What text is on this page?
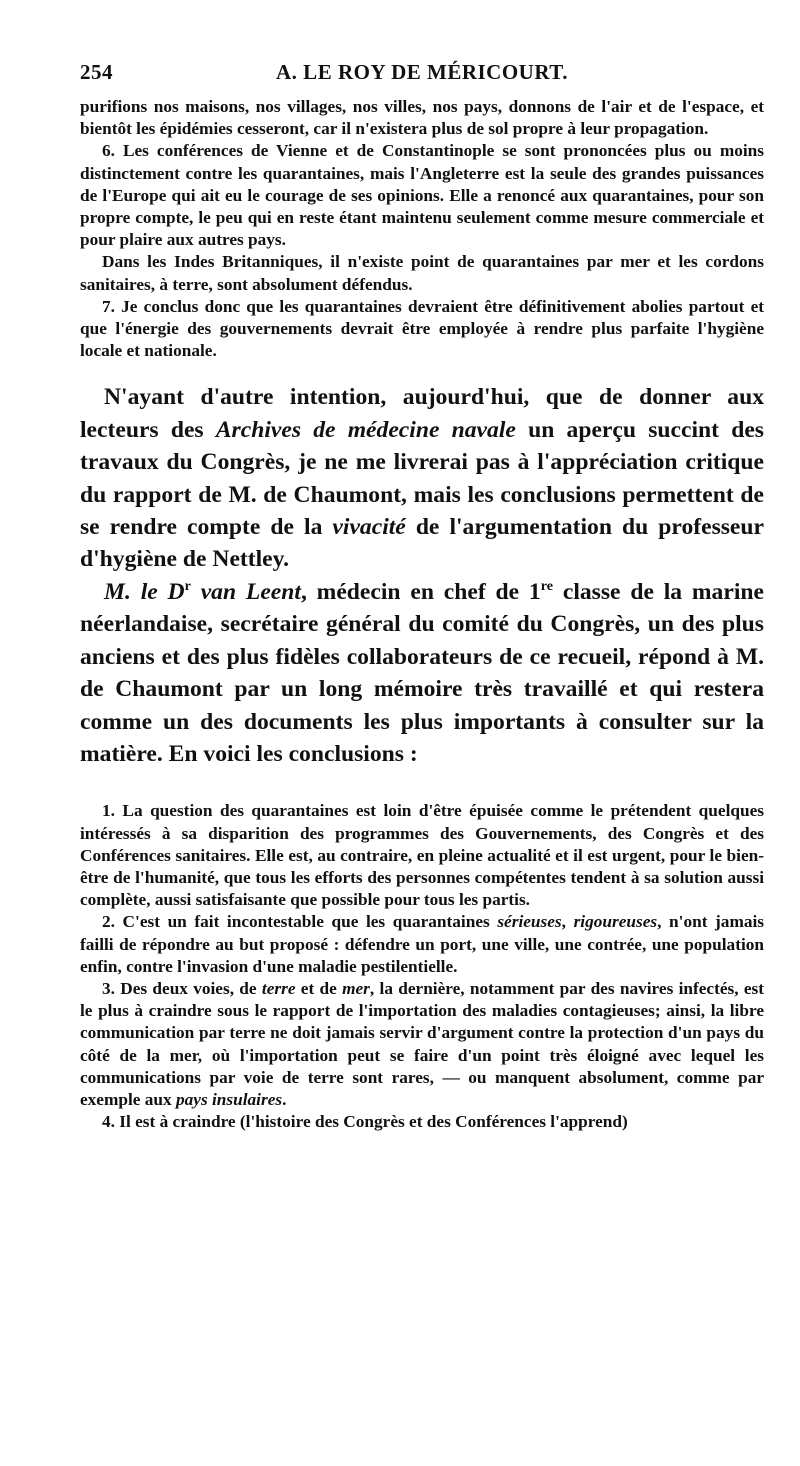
254	A. LE ROY DE MÉRICOURT.

purifions nos maisons, nos villages, nos villes, nos pays, donnons de l'air et de l'espace, et bientôt les épidémies cesseront, car il n'existera plus de sol propre à leur propagation.

6. Les conférences de Vienne et de Constantinople se sont prononcées plus ou moins distinctement contre les quarantaines, mais l'Angleterre est la seule des grandes puissances de l'Europe qui ait eu le courage de ses opinions. Elle a renoncé aux quarantaines, pour son propre compte, le peu qui en reste étant maintenu seulement comme mesure commerciale et pour plaire aux autres pays.

Dans les Indes Britanniques, il n'existe point de quarantaines par mer et les cordons sanitaires, à terre, sont absolument défendus.

7. Je conclus donc que les quarantaines devraient être définitivement abolies partout et que l'énergie des gouvernements devrait être employée à rendre plus parfaite l'hygiène locale et nationale.

N'ayant d'autre intention, aujourd'hui, que de donner aux lecteurs des Archives de médecine navale un aperçu succint des travaux du Congrès, je ne me livrerai pas à l'appréciation critique du rapport de M. de Chaumont, mais les conclusions permettent de se rendre compte de la vivacité de l'argumentation du professeur d'hygiène de Nettley.

M. le $D^r$ van Leent, médecin en chef de 1re classe de la marine néerlandaise, secrétaire général du comité du Congrès, un des plus anciens et des plus fidèles collaborateurs de ce recueil, répond à M. de Chaumont par un long mémoire très travaillé et qui restera comme un des documents les plus importants à consulter sur la matière. En voici les conclusions :

1. La question des quarantaines est loin d'être épuisée comme le prétendent quelques intéressés à sa disparition des programmes des Gouvernements, des Congrès et des Conférences sanitaires. Elle est, au contraire, en pleine actualité et il est urgent, pour le bien-être de l'humanité, que tous les efforts des personnes compétentes tendent à sa solution aussi complète, aussi satisfaisante que possible pour tous les partis.

2. C'est un fait incontestable que les quarantaines sérieuses, rigoureuses, n'ont jamais failli de répondre au but proposé : défendre un port, une ville, une contrée, une population enfin, contre l'invasion d'une maladie pestilentielle.

3. Des deux voies, de terre et de mer, la dernière, notamment par des navires infectés, est le plus à craindre sous le rapport de l'importation des maladies contagieuses; ainsi, la libre communication par terre ne doit jamais servir d'argument contre la protection d'un pays du côté de la mer, où l'importation peut se faire d'un point très éloigné avec lequel les communications par voie de terre sont rares, — ou manquent absolument, comme par exemple aux pays insulaires.

4. Il est à craindre (l'histoire des Congrès et des Conférences l'apprend)
